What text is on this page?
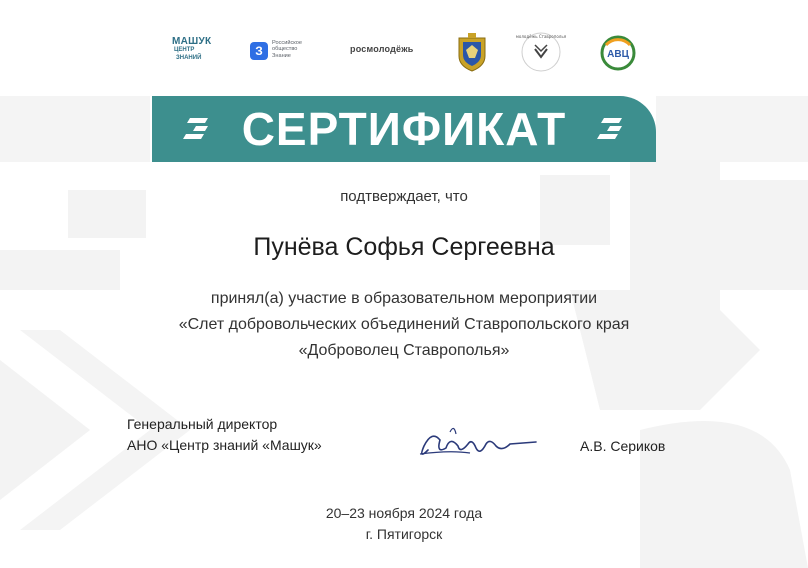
МАШУК
ЦЕНТР
ЗНАНИЙ	З
Российское
общество
Знание
росмолодёжь
молодёжь Ставрополья
АВЦ
СЕРТИФИКАТ
подтверждает, что
Пунёва Софья Сергеевна
принял(а) участие в образовательном мероприятии
«Слет добровольческих объединений Ставропольского края
«Доброволец Ставрополья»
Генеральный директор
АНО «Центр знаний «Машук»	А.В. Сериков
20–23 ноября 2024 года
г. Пятигорск
